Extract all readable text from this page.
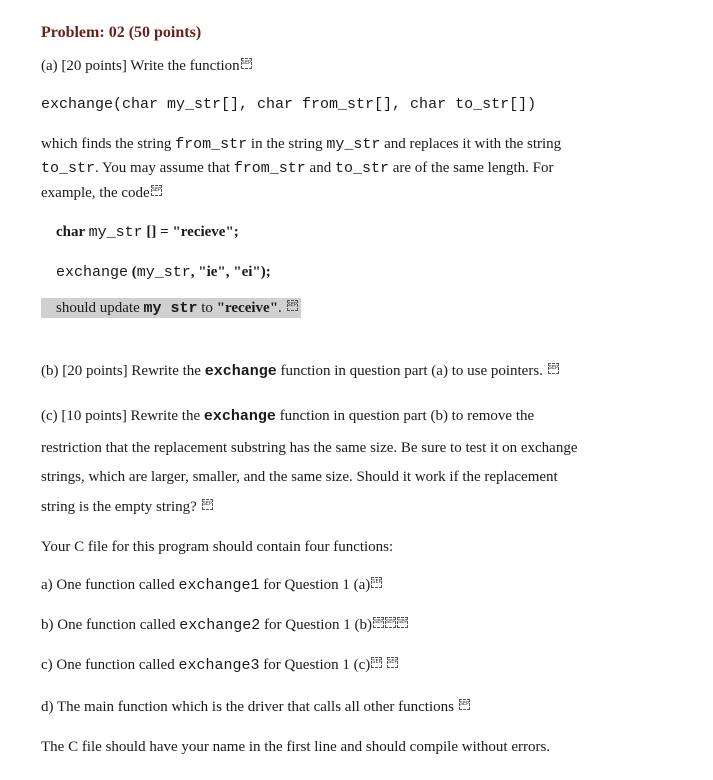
Problem: 02 (50 points)
(a) [20 points] Write the functionSEP
exchange(char my_str[], char from_str[], char to_str[])
which finds the string from_str in the string my_str and replaces it with the string
to_str. You may assume that from_str and to_str are of the same length. For
example, the codeSEP
char my_str [] = "recieve";
exchange (my_str, "ie", "ei");
should update my str to "receive". SEP
(b) [20 points] Rewrite the exchange function in question part (a) to use pointers. SEP
(c) [10 points] Rewrite the exchange function in question part (b) to remove the
restriction that the replacement substring has the same size. Be sure to test it on exchange
strings, which are larger, smaller, and the same size. Should it work if the replacement
string is the empty string? SEP
Your C file for this program should contain four functions:
a) One function called exchange1 for Question 1 (a)SEP
b) One function called exchange2 for Question 1 (b)SEPSEPSEP
c) One function called exchange3 for Question 1 (c)SEP SEP
d) The main function which is the driver that calls all other functions SEP
The C file should have your name in the first line and should compile without errors.
